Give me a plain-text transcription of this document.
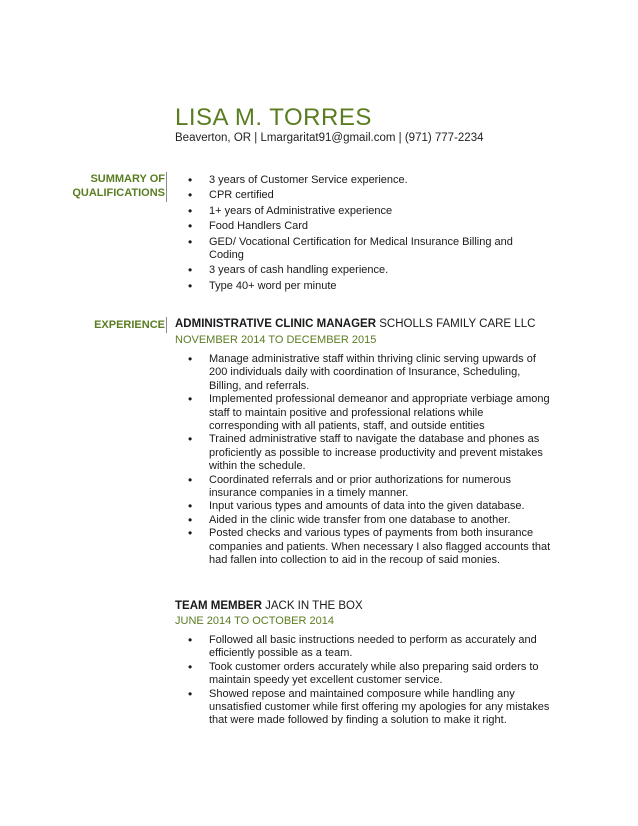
LISA M. TORRES
Beaverton, OR | Lmargaritat91@gmail.com | (971) 777-2234
SUMMARY OF
QUALIFICATIONS
• 3 years of Customer Service experience.
• CPR certified
• 1+ years of Administrative experience
• Food Handlers Card
• GED/ Vocational Certification for Medical Insurance Billing and Coding
• 3 years of cash handling experience.
• Type 40+ word per minute
EXPERIENCE ADMINISTRATIVE CLINIC MANAGER SCHOLLS FAMILY CARE LLC
NOVEMBER 2014 TO DECEMBER 2015
• Manage administrative staff within thriving clinic serving upwards of 200 individuals daily with coordination of Insurance, Scheduling, Billing, and referrals.
• Implemented professional demeanor and appropriate verbiage among staff to maintain positive and professional relations while corresponding with all patients, staff, and outside entities
• Trained administrative staff to navigate the database and phones as proficiently as possible to increase productivity and prevent mistakes within the schedule.
• Coordinated referrals and or prior authorizations for numerous insurance companies in a timely manner.
• Input various types and amounts of data into the given database.
• Aided in the clinic wide transfer from one database to another.
• Posted checks and various types of payments from both insurance companies and patients. When necessary I also flagged accounts that had fallen into collection to aid in the recoup of said monies.
TEAM MEMBER JACK IN THE BOX
JUNE 2014 TO OCTOBER 2014
• Followed all basic instructions needed to perform as accurately and efficiently possible as a team.
• Took customer orders accurately while also preparing said orders to maintain speedy yet excellent customer service.
• Showed repose and maintained composure while handling any unsatisfied customer while first offering my apologies for any mistakes that were made followed by finding a solution to make it right.
